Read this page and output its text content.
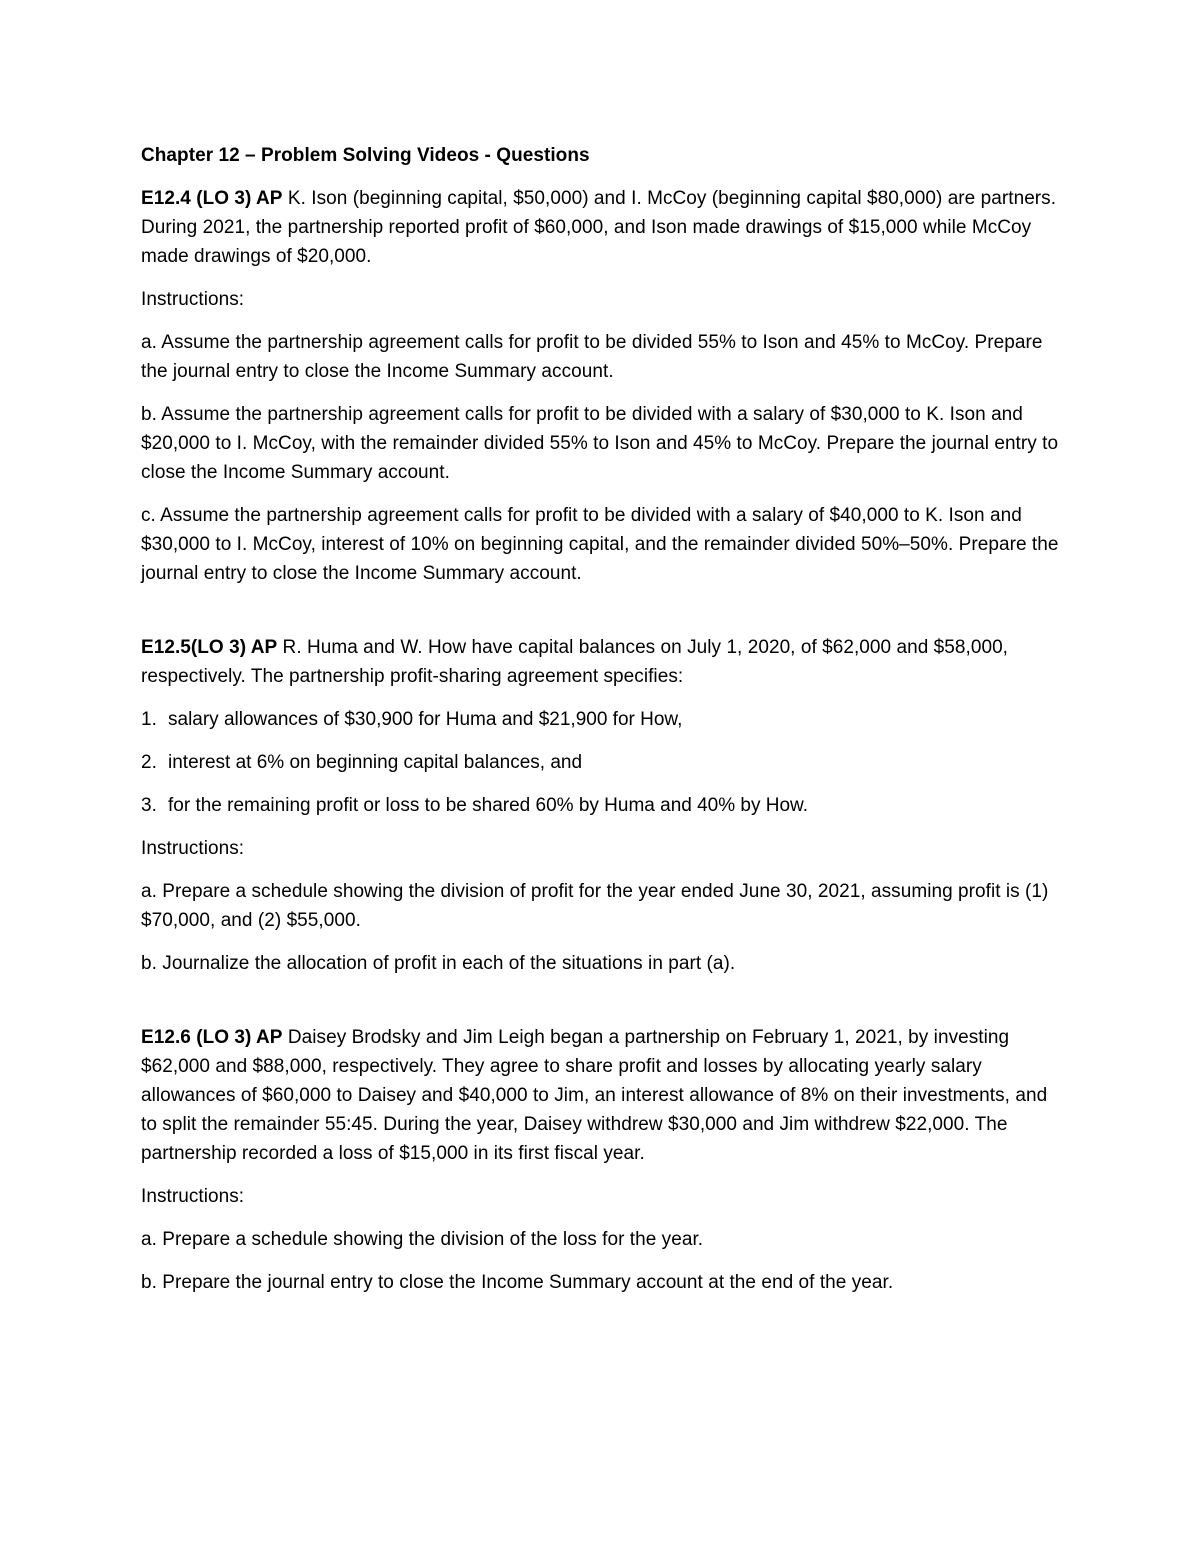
Chapter 12 – Problem Solving Videos - Questions

E12.4 (LO 3) AP K. Ison (beginning capital, $50,000) and I. McCoy (beginning capital $80,000) are partners. During 2021, the partnership reported profit of $60,000, and Ison made drawings of $15,000 while McCoy made drawings of $20,000.

Instructions:

a. Assume the partnership agreement calls for profit to be divided 55% to Ison and 45% to McCoy. Prepare the journal entry to close the Income Summary account.

b. Assume the partnership agreement calls for profit to be divided with a salary of $30,000 to K. Ison and $20,000 to I. McCoy, with the remainder divided 55% to Ison and 45% to McCoy. Prepare the journal entry to close the Income Summary account.

c. Assume the partnership agreement calls for profit to be divided with a salary of $40,000 to K. Ison and $30,000 to I. McCoy, interest of 10% on beginning capital, and the remainder divided 50%–50%. Prepare the journal entry to close the Income Summary account.

E12.5(LO 3) AP R. Huma and W. How have capital balances on July 1, 2020, of $62,000 and $58,000, respectively. The partnership profit-sharing agreement specifies:

1. salary allowances of $30,900 for Huma and $21,900 for How,
2. interest at 6% on beginning capital balances, and
3. for the remaining profit or loss to be shared 60% by Huma and 40% by How.

Instructions:

a. Prepare a schedule showing the division of profit for the year ended June 30, 2021, assuming profit is (1) $70,000, and (2) $55,000.

b. Journalize the allocation of profit in each of the situations in part (a).

E12.6 (LO 3) AP Daisey Brodsky and Jim Leigh began a partnership on February 1, 2021, by investing $62,000 and $88,000, respectively. They agree to share profit and losses by allocating yearly salary allowances of $60,000 to Daisey and $40,000 to Jim, an interest allowance of 8% on their investments, and to split the remainder 55:45. During the year, Daisey withdrew $30,000 and Jim withdrew $22,000. The partnership recorded a loss of $15,000 in its first fiscal year.

Instructions:

a. Prepare a schedule showing the division of the loss for the year.

b. Prepare the journal entry to close the Income Summary account at the end of the year.
